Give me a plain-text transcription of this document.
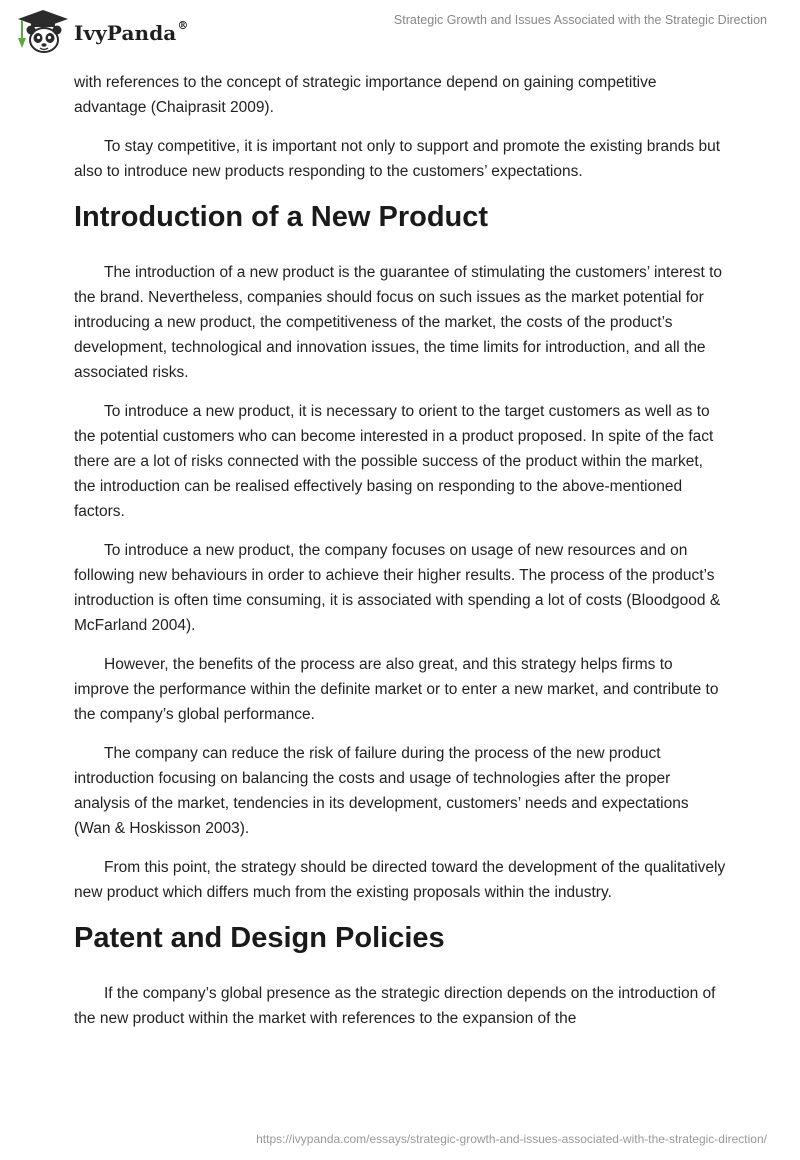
IvyPanda®	Strategic Growth and Issues Associated with the Strategic Direction

with references to the concept of strategic importance depend on gaining competitive advantage (Chaiprasit 2009).

To stay competitive, it is important not only to support and promote the existing brands but also to introduce new products responding to the customers’ expectations.

Introduction of a New Product

The introduction of a new product is the guarantee of stimulating the customers’ interest to the brand. Nevertheless, companies should focus on such issues as the market potential for introducing a new product, the competitiveness of the market, the costs of the product’s development, technological and innovation issues, the time limits for introduction, and all the associated risks.

To introduce a new product, it is necessary to orient to the target customers as well as to the potential customers who can become interested in a product proposed. In spite of the fact there are a lot of risks connected with the possible success of the product within the market, the introduction can be realised effectively basing on responding to the above-mentioned factors.

To introduce a new product, the company focuses on usage of new resources and on following new behaviours in order to achieve their higher results. The process of the product’s introduction is often time consuming, it is associated with spending a lot of costs (Bloodgood & McFarland 2004).

However, the benefits of the process are also great, and this strategy helps firms to improve the performance within the definite market or to enter a new market, and contribute to the company’s global performance.

The company can reduce the risk of failure during the process of the new product introduction focusing on balancing the costs and usage of technologies after the proper analysis of the market, tendencies in its development, customers’ needs and expectations (Wan & Hoskisson 2003).

From this point, the strategy should be directed toward the development of the qualitatively new product which differs much from the existing proposals within the industry.

Patent and Design Policies

If the company’s global presence as the strategic direction depends on the introduction of the new product within the market with references to the expansion of the

https://ivypanda.com/essays/strategic-growth-and-issues-associated-with-the-strategic-direction/
